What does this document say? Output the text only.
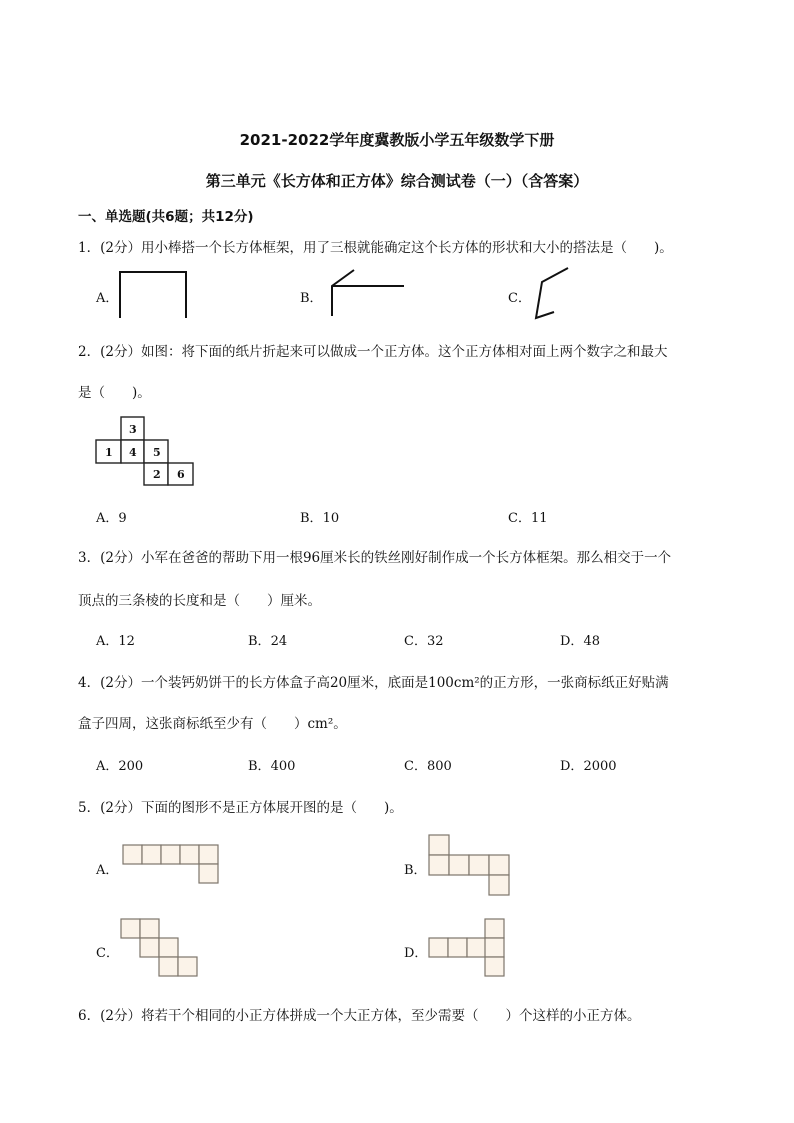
2021-2022学年度冀教版小学五年级数学下册
第三单元《长方体和正方体》综合测试卷（一）（含答案）
一、单选题(共6题；共12分)
1．(2分）用小棒搭一个长方体框架，用了三根就能确定这个长方体的形状和大小的搭法是（　　)。
A．	B．	C．
2．(2分）如图：将下面的纸片折起来可以做成一个正方体。这个正方体相对面上两个数字之和最大
是（　　)。
3
1 4 5
2 6
A．9	B．10	C．11
3．(2分）小军在爸爸的帮助下用一根96厘米长的铁丝刚好制作成一个长方体框架。那么相交于一个
顶点的三条棱的长度和是（　　）厘米。
A．12	B．24	C．32	D．48
4．(2分）一个装钙奶饼干的长方体盒子高20厘米，底面是100cm²的正方形，一张商标纸正好贴满
盒子四周，这张商标纸至少有（　　）cm²。
A．200	B．400	C．800	D．2000
5．(2分）下面的图形不是正方体展开图的是（　　)。
A．	B．
C．	D．
6．(2分）将若干个相同的小正方体拼成一个大正方体，至少需要（　　）个这样的小正方体。
